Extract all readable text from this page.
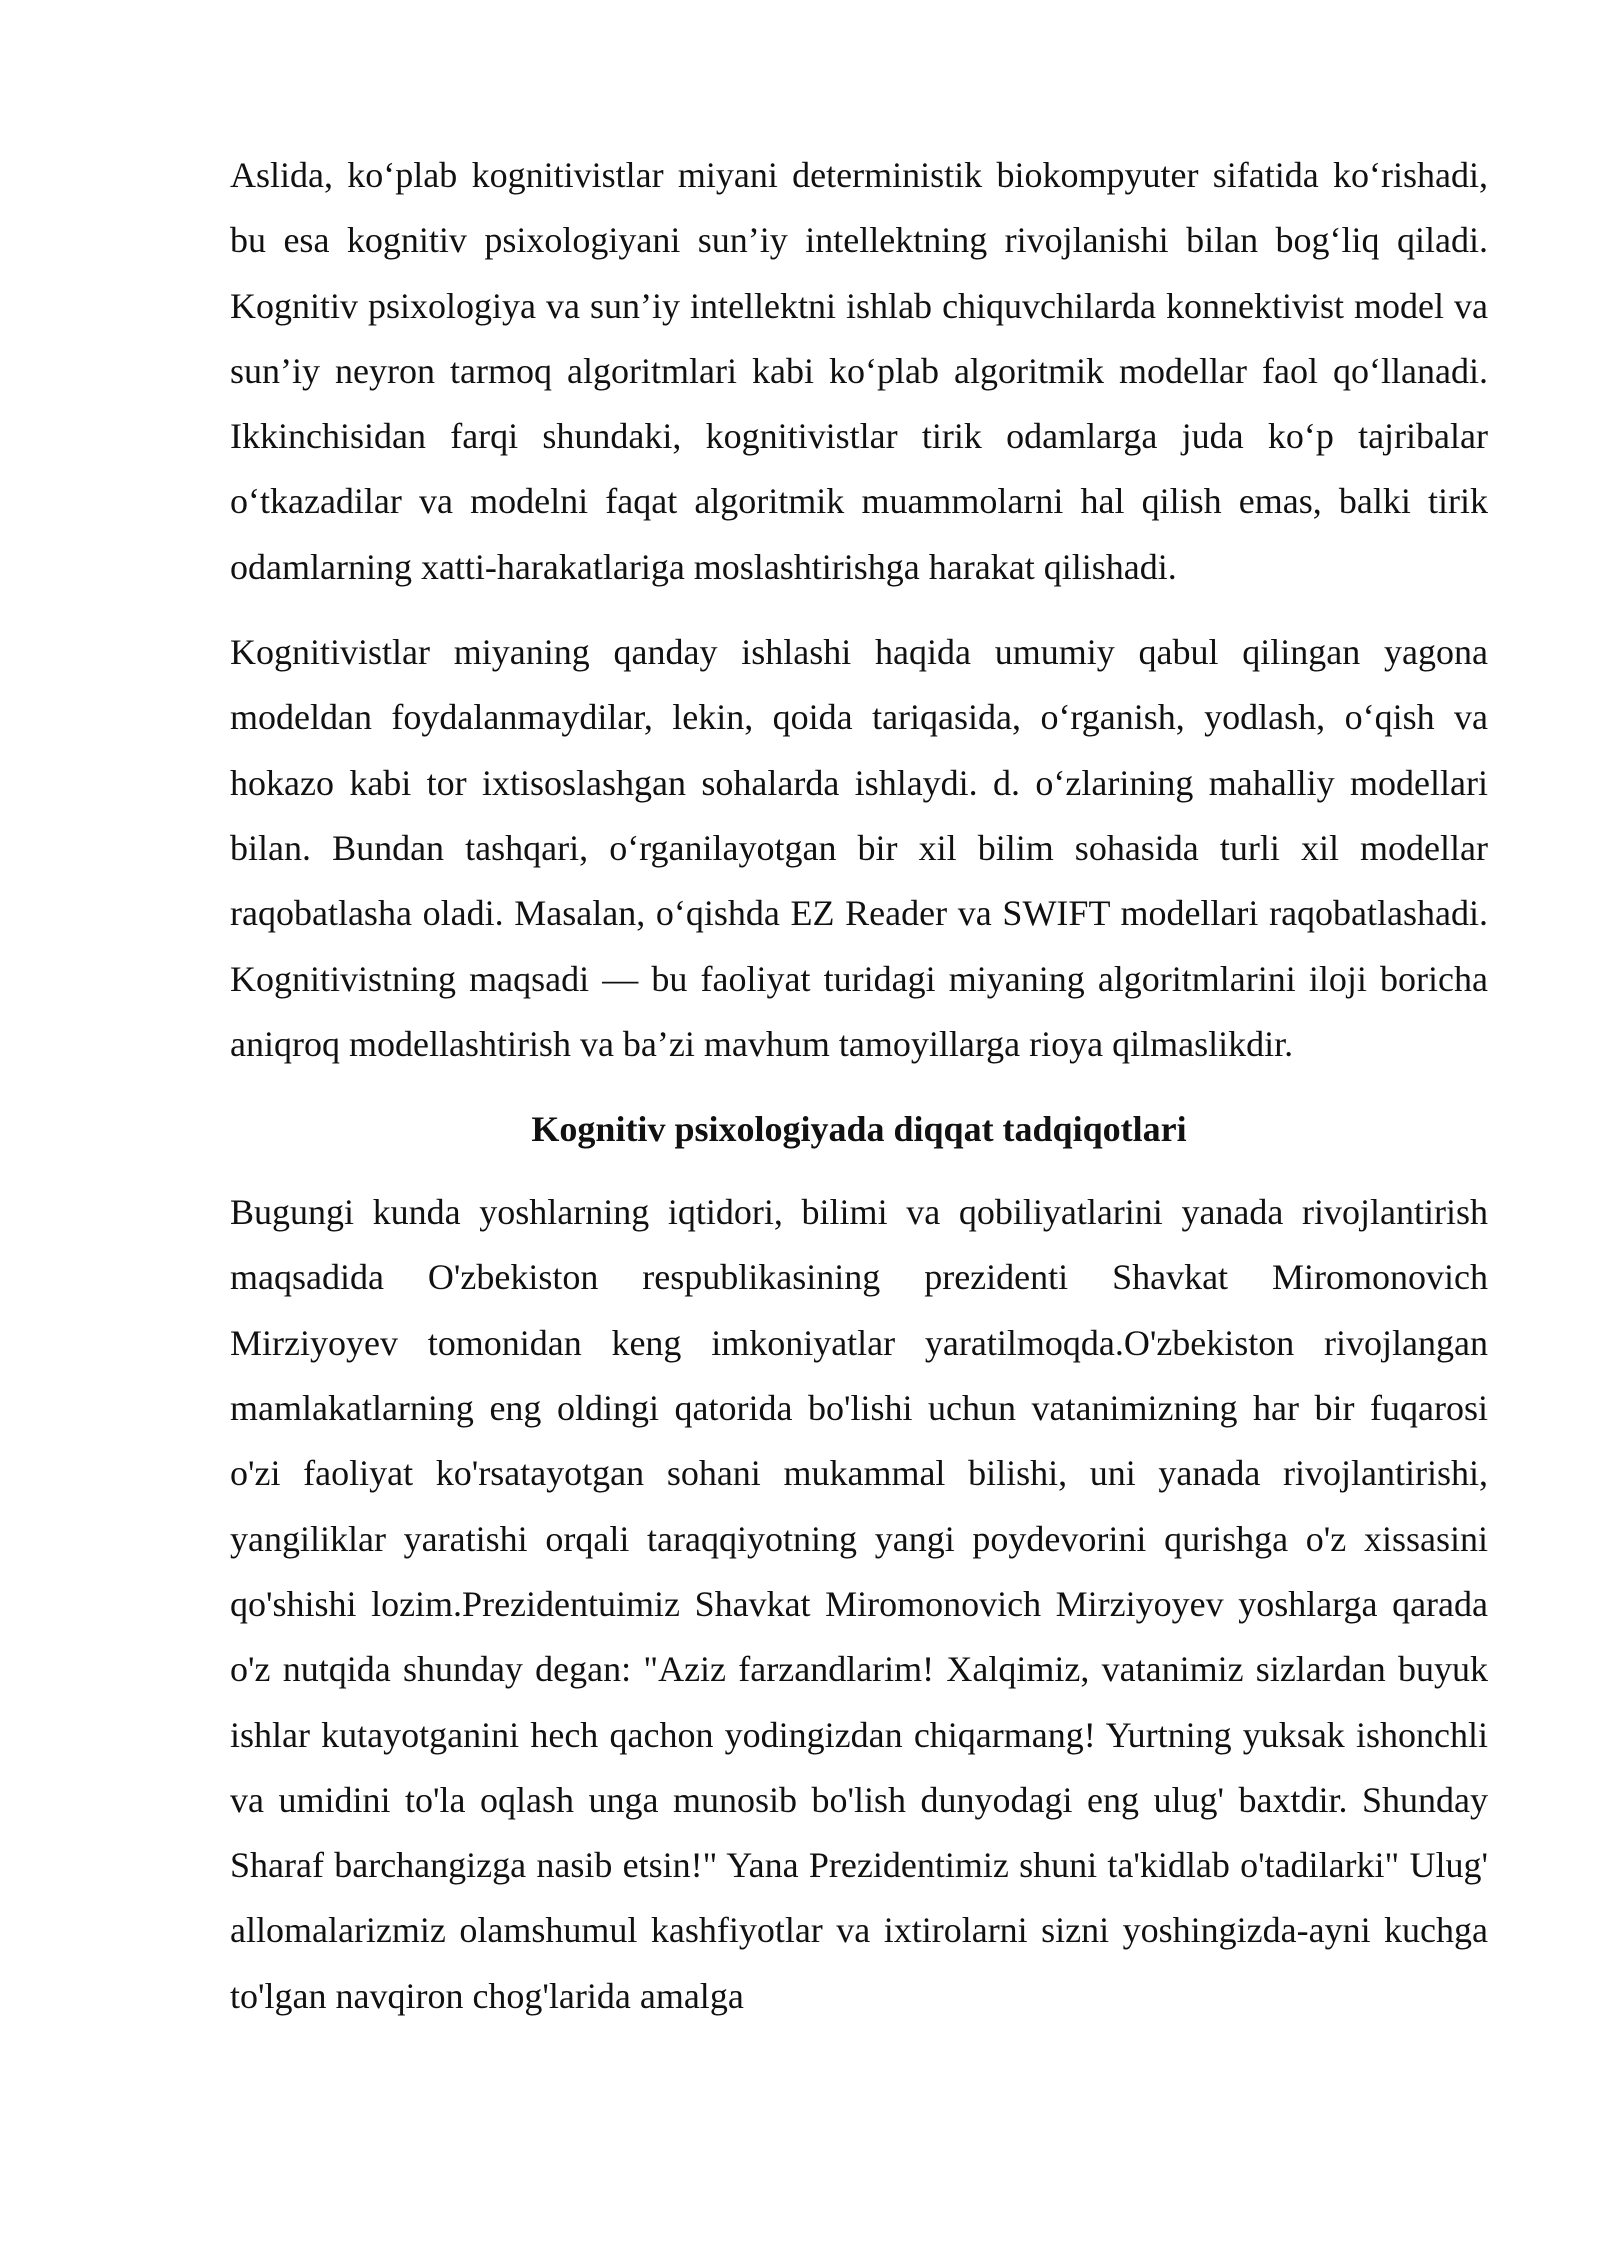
Aslida, ko‘plab kognitivistlar miyani deterministik biokompyuter sifatida ko‘rishadi, bu esa kognitiv psixologiyani sun’iy intellektning rivojlanishi bilan bog‘liq qiladi. Kognitiv psixologiya va sun’iy intellektni ishlab chiquvchilarda konnektivist model va sun’iy neyron tarmoq algoritmlari kabi ko‘plab algoritmik modellar faol qo‘llanadi. Ikkinchisidan farqi shundaki, kognitivistlar tirik odamlarga juda ko‘p tajribalar o‘tkazadilar va modelni faqat algoritmik muammolarni hal qilish emas, balki tirik odamlarning xatti-harakatlariga moslashtirishga harakat qilishadi.

Kognitivistlar miyaning qanday ishlashi haqida umumiy qabul qilingan yagona modeldan foydalanmaydilar, lekin, qoida tariqasida, o‘rganish, yodlash, o‘qish va hokazo kabi tor ixtisoslashgan sohalarda ishlaydi. d. o‘zlarining mahalliy modellari bilan. Bundan tashqari, o‘rganilayotgan bir xil bilim sohasida turli xil modellar raqobatlasha oladi. Masalan, o‘qishda EZ Reader va SWIFT modellari raqobatlashadi. Kognitivistning maqsadi — bu faoliyat turidagi miyaning algoritmlarini iloji boricha aniqroq modellashtirish va ba’zi mavhum tamoyillarga rioya qilmaslikdir.

Kognitiv psixologiyada diqqat tadqiqotlari

Bugungi kunda yoshlarning iqtidori, bilimi va qobiliyatlarini yanada rivojlantirish maqsadida O'zbekiston respublikasining prezidenti Shavkat Miromonovich Mirziyoyev tomonidan keng imkoniyatlar yaratilmoqda.O'zbekiston rivojlangan mamlakatlarning eng oldingi qatorida bo'lishi uchun vatanimizning har bir fuqarosi o'zi faoliyat ko'rsatayotgan sohani mukammal bilishi, uni yanada rivojlantirishi, yangiliklar yaratishi orqali taraqqiyotning yangi poydevorini qurishga o'z xissasini qo'shishi lozim.Prezidentuimiz Shavkat Miromonovich Mirziyoyev yoshlarga qarada o'z nutqida shunday degan: "Aziz farzandlarim! Xalqimiz, vatanimiz sizlardan buyuk ishlar kutayotganini hech qachon yodingizdan chiqarmang! Yurtning yuksak ishonchli va umidini to'la oqlash unga munosib bo'lish dunyodagi eng ulug' baxtdir. Shunday Sharaf barchangizga nasib etsin!" Yana Prezidentimiz shuni ta'kidlab o'tadilarki" Ulug' allomalarizmiz olamshumul kashfiyotlar va ixtirolarni sizni yoshingizda-ayni kuchga to'lgan navqiron chog'larida amalga
